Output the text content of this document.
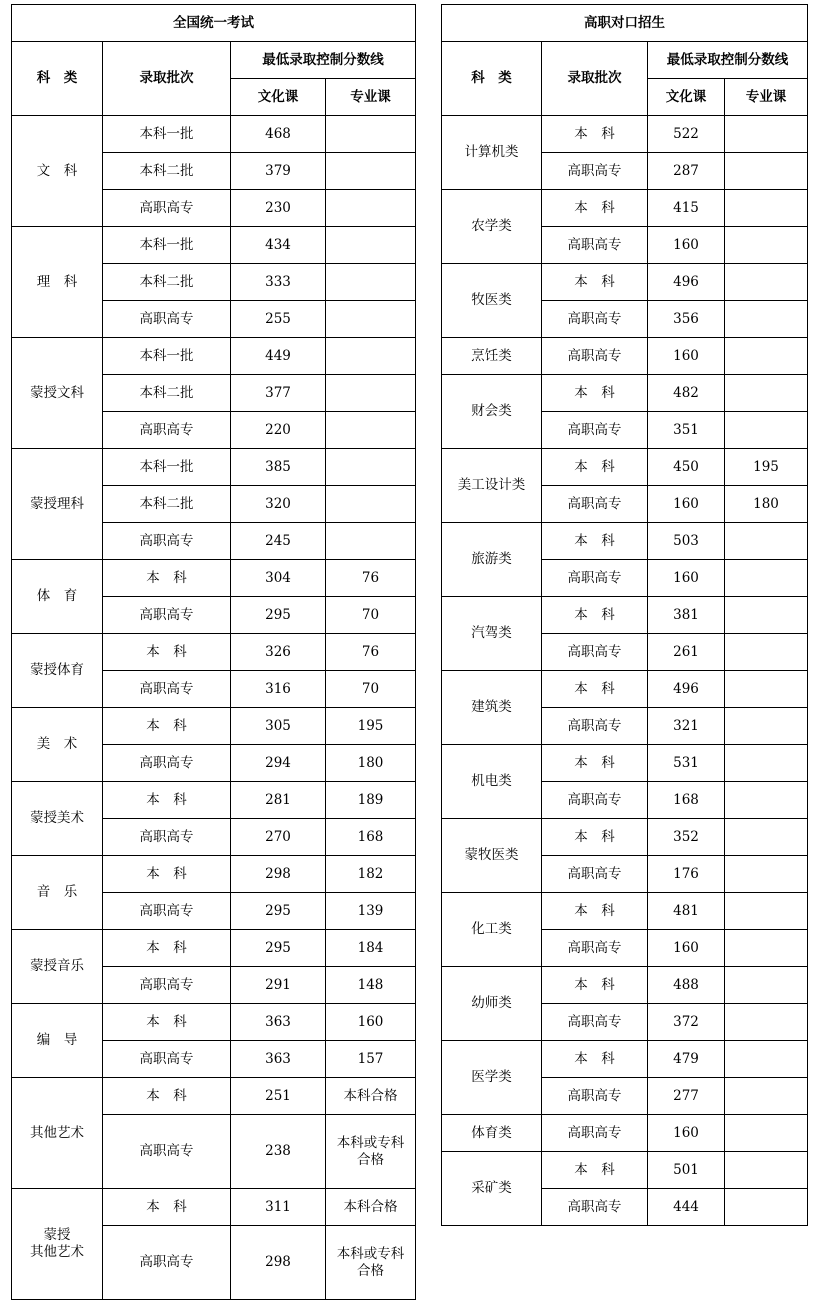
全国统一考试			
科　类	录取批次	最低录取控制分数线	
		文化课	专业课
文　科	本科一批	468	
	本科二批	379	
	高职高专	230	
理　科	本科一批	434	
	本科二批	333	
	高职高专	255	
蒙授文科	本科一批	449	
	本科二批	377	
	高职高专	220	
蒙授理科	本科一批	385	
	本科二批	320	
	高职高专	245	
体　育	本　科	304	76
	高职高专	295	70
蒙授体育	本　科	326	76
	高职高专	316	70
美　术	本　科	305	195
	高职高专	294	180
蒙授美术	本　科	281	189
	高职高专	270	168
音　乐	本　科	298	182
	高职高专	295	139
蒙授音乐	本　科	295	184
	高职高专	291	148
编　导	本　科	363	160
	高职高专	363	157
其他艺术	本　科	251	本科合格
	高职高专	238	本科或专科
合格
蒙授
其他艺术	本　科	311	本科合格
	高职高专	298	本科或专科
合格
高职对口招生			
科　类	录取批次	最低录取控制分数线	
		文化课	专业课
计算机类	本　科	522	
	高职高专	287	
农学类	本　科	415	
	高职高专	160	
牧医类	本　科	496	
	高职高专	356	
烹饪类	高职高专	160	
财会类	本　科	482	
	高职高专	351	
美工设计类	本　科	450	195
	高职高专	160	180
旅游类	本　科	503	
	高职高专	160	
汽驾类	本　科	381	
	高职高专	261	
建筑类	本　科	496	
	高职高专	321	
机电类	本　科	531	
	高职高专	168	
蒙牧医类	本　科	352	
	高职高专	176	
化工类	本　科	481	
	高职高专	160	
幼师类	本　科	488	
	高职高专	372	
医学类	本　科	479	
	高职高专	277	
体育类	高职高专	160	
采矿类	本　科	501	
	高职高专	444	
